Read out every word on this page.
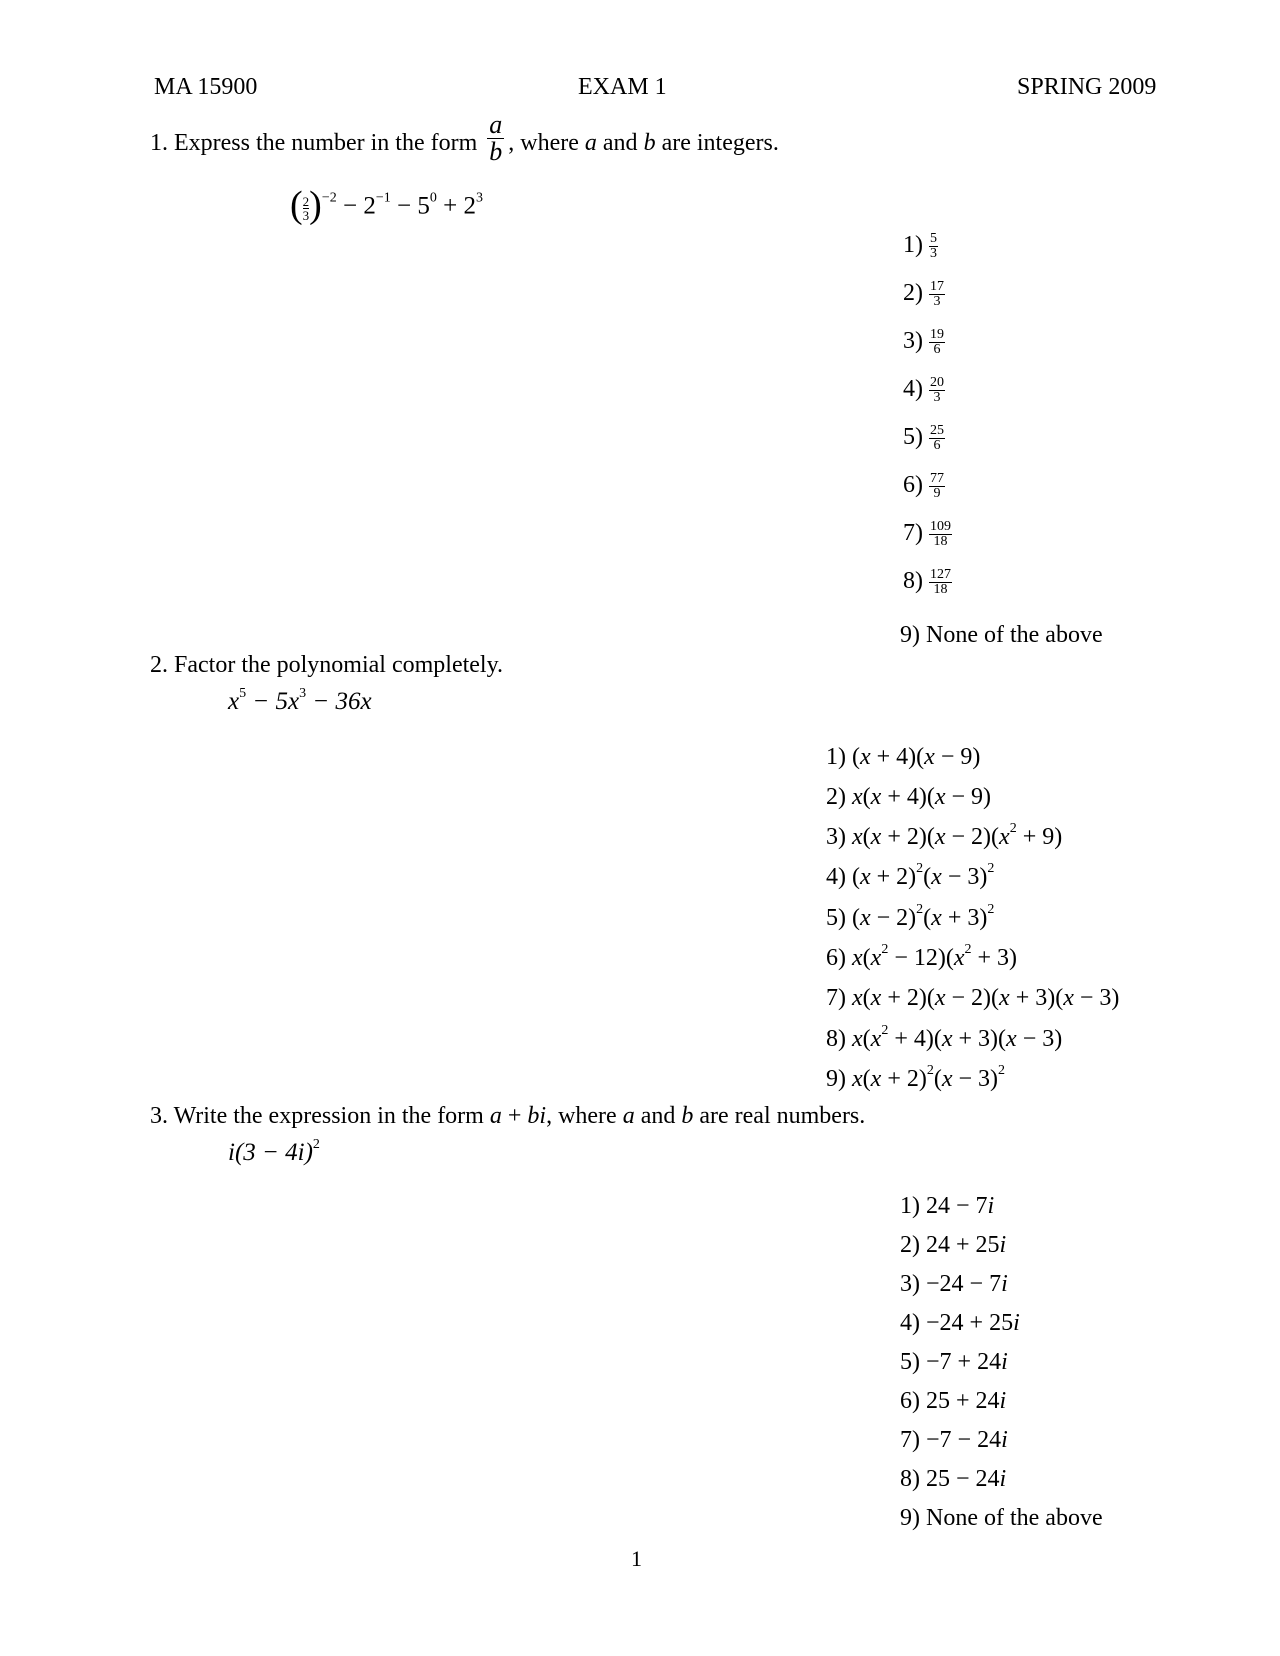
MA 15900	EXAM 1	SPRING 2009
1. Express the number in the form $\frac{a}{b}$ , where a and b are integers.
( $\frac{2}{3})^{-2} - 2^{-1} - 5^0 + 2^3$
$1) \frac{5}{3}$
$2) \frac{17}{3}$
$3) \frac{19}{6}$
$4) \frac{20}{3}$
$5) \frac{25}{6}$
$6) \frac{77}{9}$
$7) \frac{109}{18}$
$8) \frac{127}{18}$
9) None of the above
2. Factor the polynomial completely.
$x^5 - 5x^3 - 36x$
1) (x + 4)(x − 9)
2) x(x + 4)(x − 9)
3) $x(x + 2)(x - 2)(x^2 + 9)$
4) $(x + 2)^2(x - 3)^2$
5) $(x - 2)^2(x + 3)^2$
6) $x(x^2 - 12)(x^2 + 3)$
7) x(x + 2)(x − 2)(x + 3)(x − 3)
8) $x(x^2 + 4)(x + 3)(x - 3)$
9) $x(x + 2)^2(x - 3)^2$
3. Write the expression in the form a + bi, where a and b are real numbers.
$i(3 - 4i)^2$
1) 24 − 7i
2) 24 + 25i
3) −24 − 7i
4) −24 + 25i
5) −7 + 24i
6) 25 + 24i
7) −7 − 24i
8) 25 − 24i
9) None of the above
1
